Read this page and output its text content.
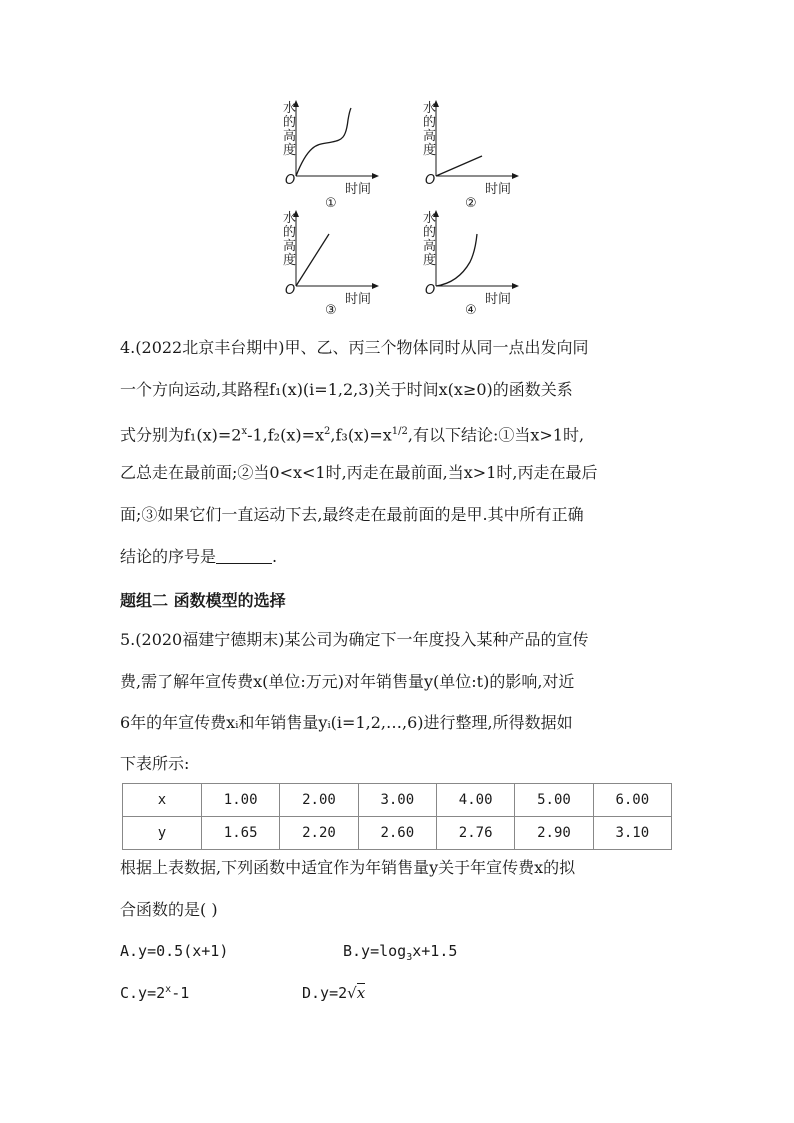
水的高度
水的高度
水的高度
水的高度
O	O
O	O
时间	时间
时间	时间
①	②
③	④
4.(2022北京丰台期中)甲、乙、丙三个物体同时从同一点出发向同
一个方向运动,其路程f₁(x)(i=1,2,3)关于时间x(x≥0)的函数关系
式分别为$f_1(x)=2^x-1,f_2(x)=x^2,f_3(x)=x^{1/2}$,有以下结论:①当x>1时,
乙总走在最前面;②当0<x<1时,丙走在最前面,当x>1时,丙走在最后
面;③如果它们一直运动下去,最终走在最前面的是甲.其中所有正确
结论的序号是	.
题组二 函数模型的选择
5.(2020福建宁德期末)某公司为确定下一年度投入某种产品的宣传
费,需了解年宣传费x(单位:万元)对年销售量y(单位:t)的影响,对近
6年的年宣传费xᵢ和年销售量yᵢ(i=1,2,…,6)进行整理,所得数据如
下表所示:
x	1.00	2.00	3.00	4.00	5.00	6.00
y	1.65	2.20	2.60	2.76	2.90	3.10
根据上表数据,下列函数中适宜作为年销售量y关于年宣传费x的拟
合函数的是( )
A.y=0.5(x+1)	$B.y=\log_3x+1.5$
$C.y=2^x-1$	D.y=2√x
